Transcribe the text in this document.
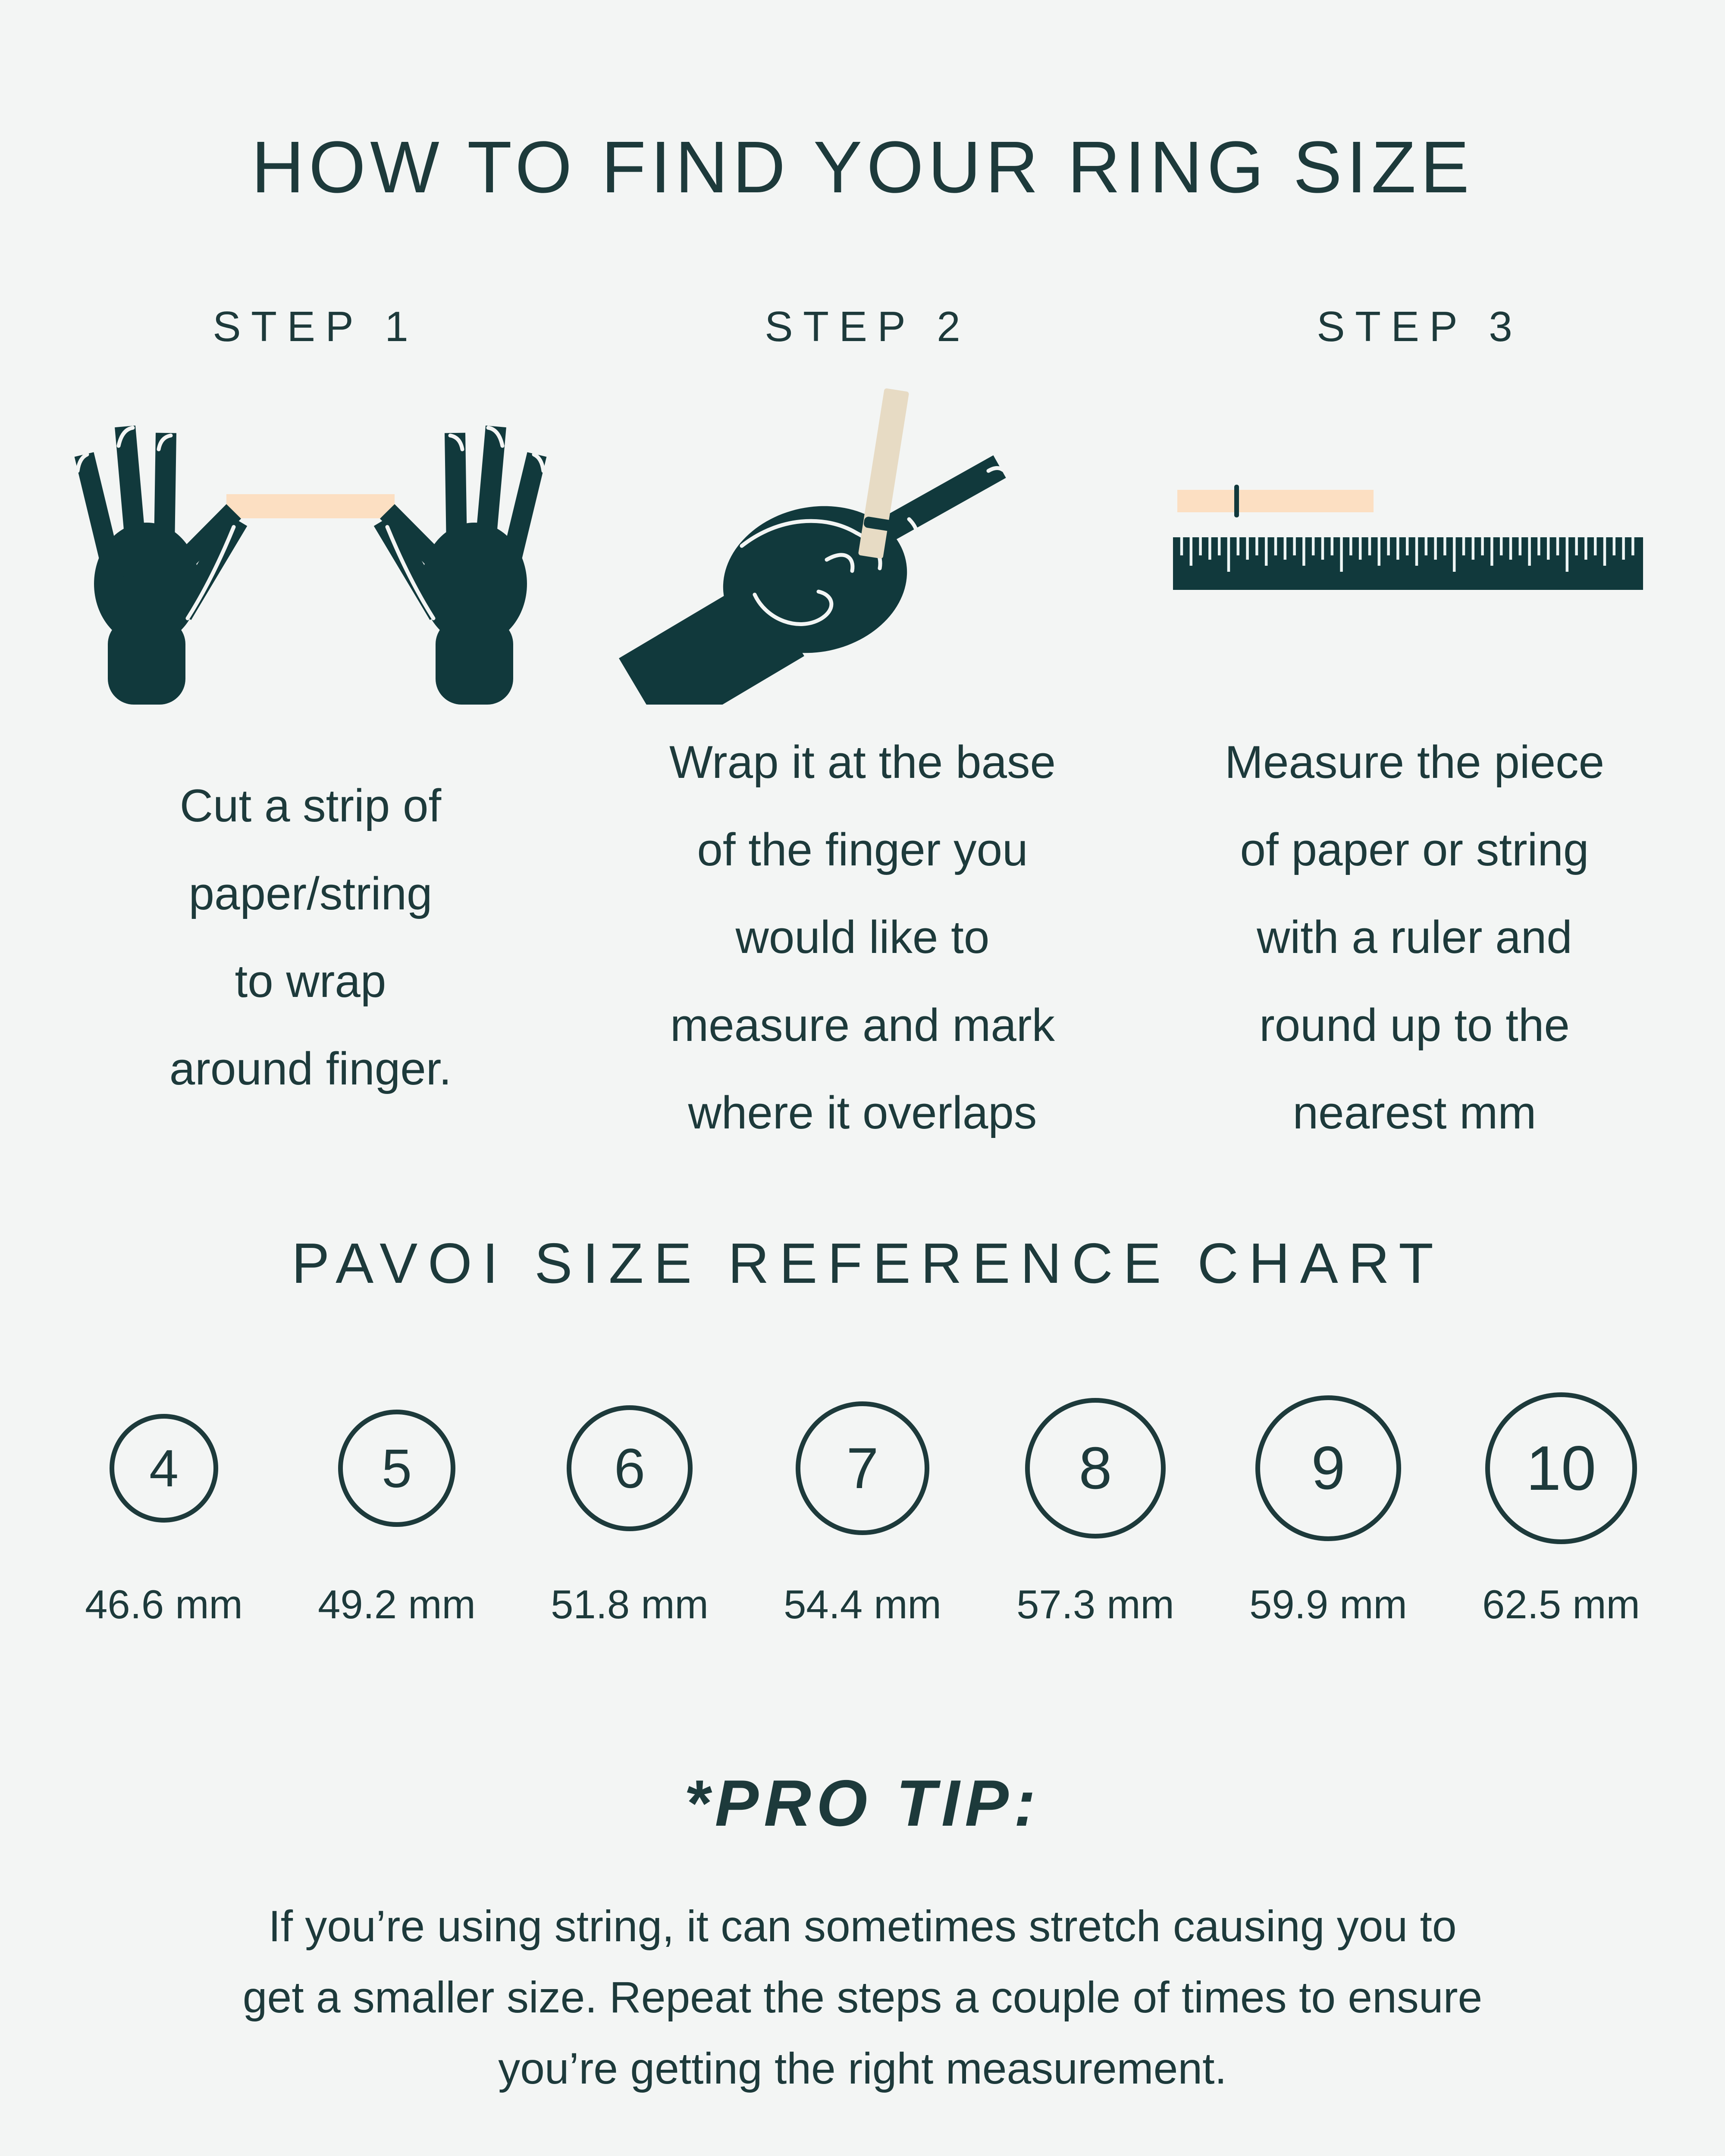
HOW TO FIND YOUR RING SIZE
STEP 1
Cut a strip of
paper/string
to wrap
around finger.
STEP 2
Wrap it at the base
of the finger you
would like to
measure and mark
where it overlaps
STEP 3
Measure the piece
of paper or string
with a ruler and
round up to the
nearest mm
PAVOI SIZE REFERENCE CHART
4
46.6 mm
5
49.2 mm
6
51.8 mm
7
54.4 mm
8
57.3 mm
9
59.9 mm
10
62.5 mm
*PRO TIP:
If you’re using string, it can sometimes stretch causing you to
get a smaller size. Repeat the steps a couple of times to ensure
you’re getting the right measurement.
